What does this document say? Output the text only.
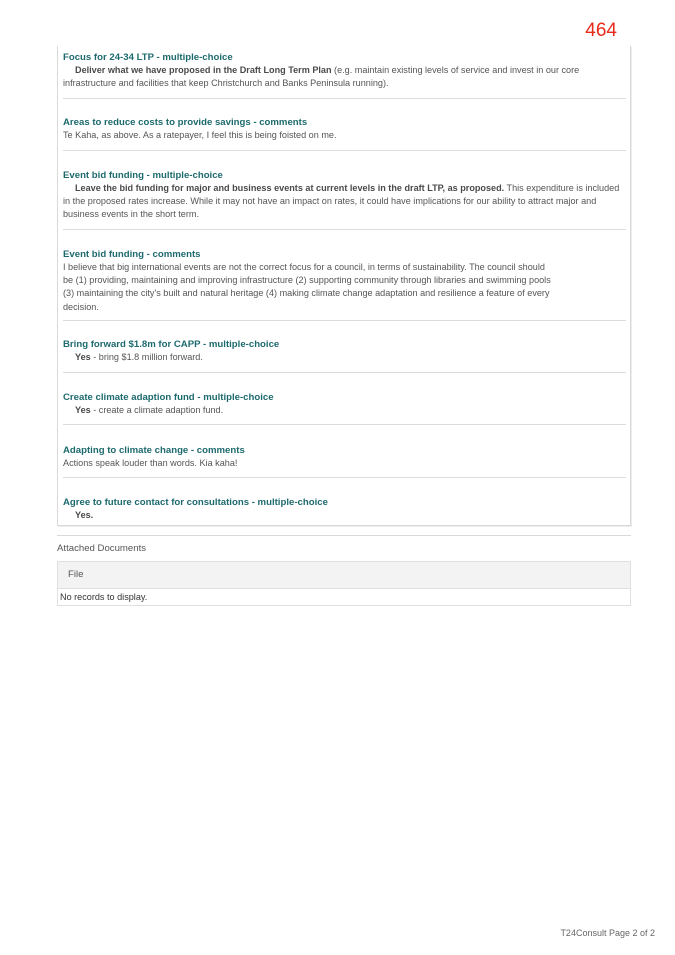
464

Focus for 24-34 LTP - multiple-choice

Deliver what we have proposed in the Draft Long Term Plan (e.g. maintain existing levels of service and invest in our core infrastructure and facilities that keep Christchurch and Banks Peninsula running).

Areas to reduce costs to provide savings - comments

Te Kaha, as above. As a ratepayer, I feel this is being foisted on me.

Event bid funding - multiple-choice

Leave the bid funding for major and business events at current levels in the draft LTP, as proposed. This expenditure is included in the proposed rates increase. While it may not have an impact on rates, it could have implications for our ability to attract major and business events in the short term.

Event bid funding - comments

I believe that big international events are not the correct focus for a council, in terms of sustainability. The council should be (1) providing, maintaining and improving infrastructure (2) supporting community through libraries and swimming pools (3) maintaining the city's built and natural heritage (4) making climate change adaptation and resilience a feature of every decision.

Bring forward $1.8m for CAPP - multiple-choice

Yes - bring $1.8 million forward.

Create climate adaption fund - multiple-choice

Yes - create a climate adaption fund.

Adapting to climate change - comments

Actions speak louder than words. Kia kaha!

Agree to future contact for consultations - multiple-choice

Yes.

Attached Documents
File
No records to display.
T24Consult Page 2 of 2
